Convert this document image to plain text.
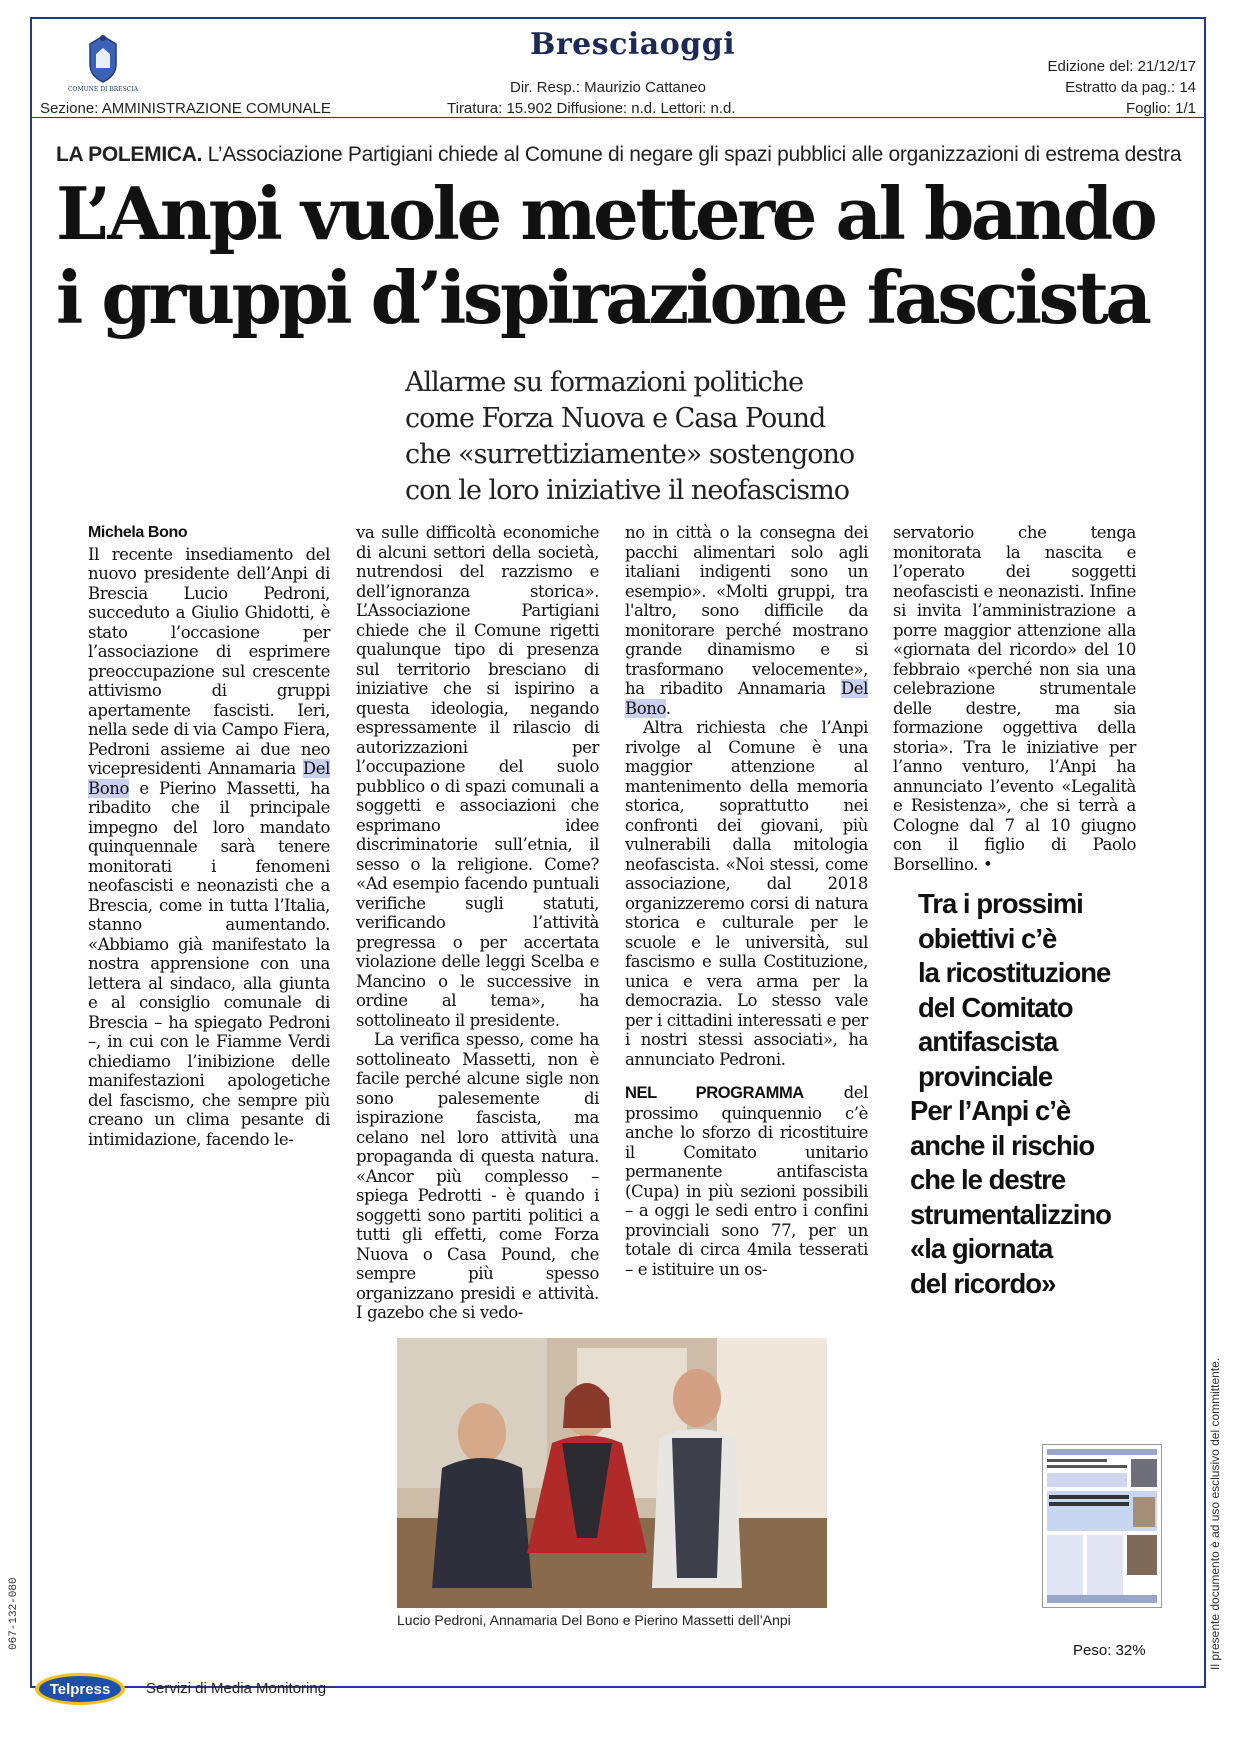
COMUNE DI BRESCIA
Bresciaoggi
Dir. Resp.: Maurizio Cattaneo
Tiratura: 15.902 Diffusione: n.d. Lettori: n.d.
Sezione: AMMINISTRAZIONE COMUNALE
Edizione del: 21/12/17
Estratto da pag.: 14
Foglio: 1/1
LA POLEMICA. L’Associazione Partigiani chiede al Comune di negare gli spazi pubblici alle organizzazioni di estrema destra
L’Anpi vuole mettere al bando
i gruppi d’ispirazione fascista
Allarme su formazioni politiche
come Forza Nuova e Casa Pound
che «surrettiziamente» sostengono
con le loro iniziative il neofascismo

Michela Bono

Il recente insediamento del nuovo presidente dell’Anpi di Brescia Lucio Pedroni, succeduto a Giulio Ghidotti, è stato l’occasione per l’associazione di esprimere preoccupazione sul crescente attivismo di gruppi apertamente fascisti. Ieri, nella sede di via Campo Fiera, Pedroni assieme ai due neo vicepresidenti Annamaria Del Bono e Pierino Massetti, ha ribadito che il principale impegno del loro mandato quinquennale sarà tenere monitorati i fenomeni neofascisti e neonazisti che a Brescia, come in tutta l’Italia, stanno aumentando. «Abbiamo già manifestato la nostra apprensione con una lettera al sindaco, alla giunta e al consiglio comunale di Brescia – ha spiegato Pedroni –, in cui con le Fiamme Verdi chiediamo l’inibizione delle manifestazioni apologetiche del fascismo, che sempre più creano un clima pesante di intimidazione, facendo le-

va sulle difficoltà economiche di alcuni settori della società, nutrendosi del razzismo e dell’ignoranza storica». L’Associazione Partigiani chiede che il Comune rigetti qualunque tipo di presenza sul territorio bresciano di iniziative che si ispirino a questa ideologia, negando espressamente il rilascio di autorizzazioni per l’occupazione del suolo pubblico o di spazi comunali a soggetti e associazioni che esprimano idee discriminatorie sull’etnia, il sesso o la religione. Come? «Ad esempio facendo puntuali verifiche sugli statuti, verificando l’attività pregressa o per accertata violazione delle leggi Scelba e Mancino o le successive in ordine al tema», ha sottolineato il presidente.

La verifica spesso, come ha sottolineato Massetti, non è facile perché alcune sigle non sono palesemente di ispirazione fascista, ma celano nel loro attività una propaganda di questa natura. «Ancor più complesso – spiega Pedrotti - è quando i soggetti sono partiti politici a tutti gli effetti, come Forza Nuova o Casa Pound, che sempre più spesso organizzano presidi e attività. I gazebo che si vedo-

no in città o la consegna dei pacchi alimentari solo agli italiani indigenti sono un esempio». «Molti gruppi, tra l'altro, sono difficile da monitorare perché mostrano grande dinamismo e si trasformano velocemente», ha ribadito Annamaria Del Bono.

Altra richiesta che l’Anpi rivolge al Comune è una maggior attenzione al mantenimento della memoria storica, soprattutto nei confronti dei giovani, più vulnerabili dalla mitologia neofascista. «Noi stessi, come associazione, dal 2018 organizzeremo corsi di natura storica e culturale per le scuole e le università, sul fascismo e sulla Costituzione, unica e vera arma per la democrazia. Lo stesso vale per i cittadini interessati e per i nostri stessi associati», ha annunciato Pedroni.

NEL PROGRAMMA del prossimo quinquennio c’è anche lo sforzo di ricostituire il Comitato unitario permanente antifascista (Cupa) in più sezioni possibili – a oggi le sedi entro i confini provinciali sono 77, per un totale di circa 4mila tesserati – e istituire un os-

servatorio che tenga monitorata la nascita e l’operato dei soggetti neofascisti e neonazisti. Infine si invita l’amministrazione a porre maggior attenzione alla «giornata del ricordo» del 10 febbraio «perché non sia una celebrazione strumentale delle destre, ma sia formazione oggettiva della storia». Tra le iniziative per l’anno venturo, l’Anpi ha annunciato l’evento «Legalità e Resistenza», che si terrà a Cologne dal 7 al 10 giugno con il figlio di Paolo Borsellino. •

Tra i prossimi
obiettivi c’è
la ricostituzione
del Comitato
antifascista
provinciale
Per l’Anpi c’è
anche il rischio
che le destre
strumentalizzino
«la giornata
del ricordo»
Lucio Pedroni, Annamaria Del Bono e Pierino Massetti dell’Anpi
Peso: 32%	Il presente documento è ad uso esclusivo del committente.
067-132-080
Telpress Servizi di Media Monitoring
